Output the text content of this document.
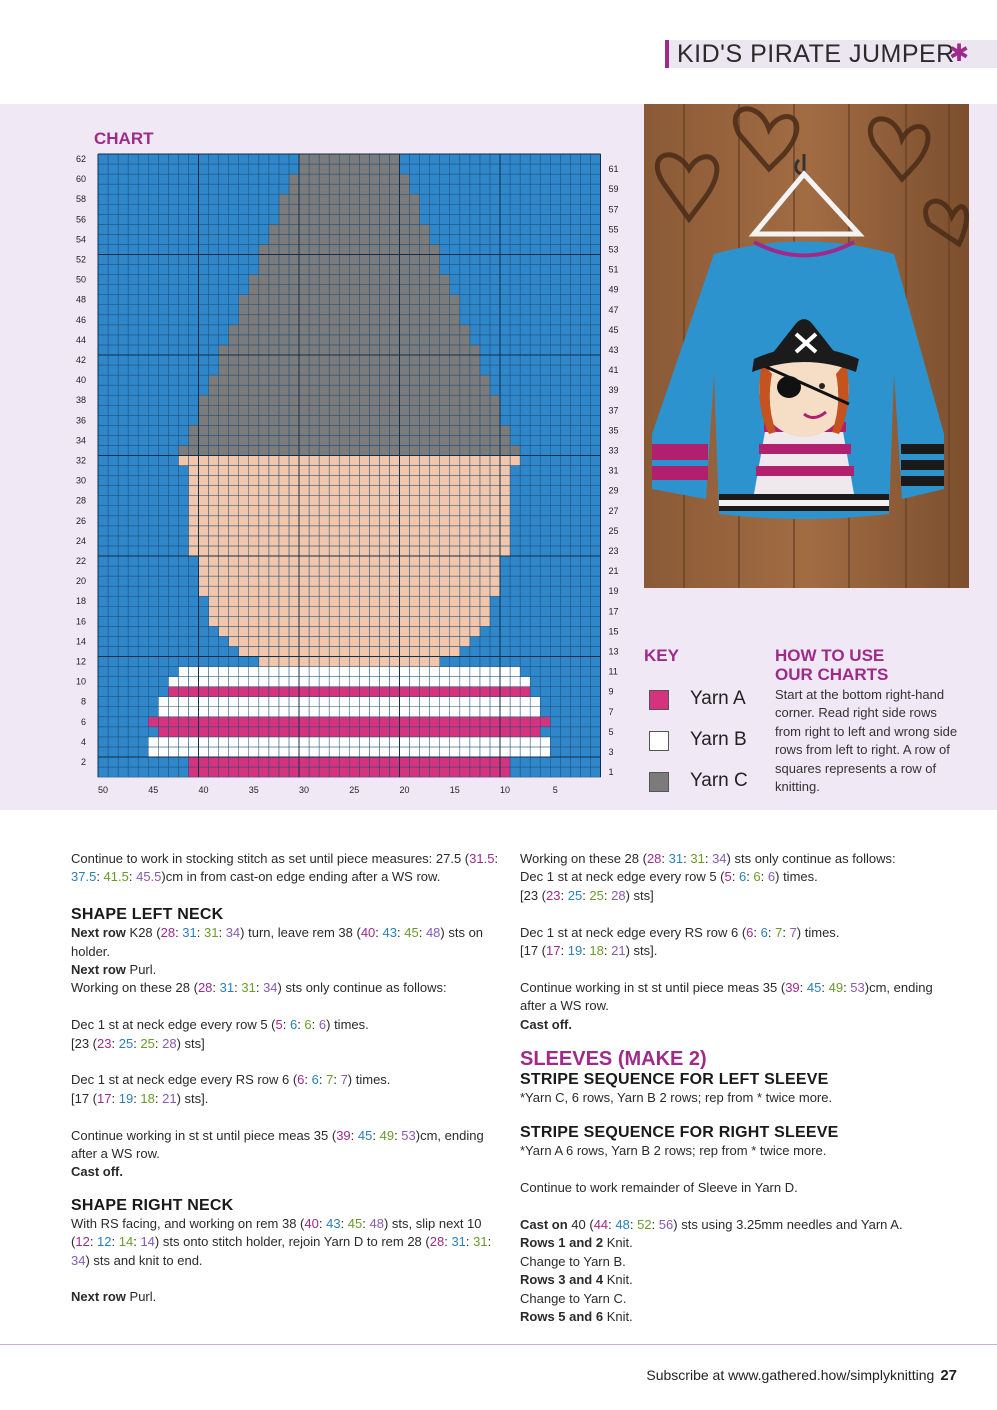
KID'S PIRATE JUMPER
✱
CHART
62
60
58
56
54
52
50
48
46
44
42
40
38
36
34
32
30
28
26
24
22
20
18
16
14
12
10
8
6
4
2
61
59
57
55
53
51
49
47
45
43
41
39
37
35
33
31
29
27
25
23
21
19
17
15
13
11
9
7
5
3
1
50	45	40	35	30	25	20	15	10	5
KEY
Yarn A
Yarn B
Yarn C
HOW TO USE
OUR CHARTS
Start at the bottom right-hand corner. Read right side rows from right to left and wrong side rows from left to right. A row of squares represents a row of knitting.

Continue to work in stocking stitch as set until piece measures: 27.5 (31.5: 37.5: 41.5: 45.5)cm in from cast-on edge ending after a WS row.

SHAPE LEFT NECK

Next row K28 (28: 31: 31: 34) turn, leave rem 38 (40: 43: 45: 48) sts on holder.

Next row Purl.

Working on these 28 (28: 31: 31: 34) sts only continue as follows:

Dec 1 st at neck edge every row 5 (5: 6: 6: 6) times.

[23 (23: 25: 25: 28) sts]

Dec 1 st at neck edge every RS row 6 (6: 6: 7: 7) times.

[17 (17: 19: 18: 21) sts].

Continue working in st st until piece meas 35 (39: 45: 49: 53)cm, ending after a WS row.

Cast off.

SHAPE RIGHT NECK

With RS facing, and working on rem 38 (40: 43: 45: 48) sts, slip next 10 (12: 12: 14: 14) sts onto stitch holder, rejoin Yarn D to rem 28 (28: 31: 31: 34) sts and knit to end.

Next row Purl.

Working on these 28 (28: 31: 31: 34) sts only continue as follows:

Dec 1 st at neck edge every row 5 (5: 6: 6: 6) times.

[23 (23: 25: 25: 28) sts]

Dec 1 st at neck edge every RS row 6 (6: 6: 7: 7) times.

[17 (17: 19: 18: 21) sts].

Continue working in st st until piece meas 35 (39: 45: 49: 53)cm, ending after a WS row.

Cast off.

SLEEVES (MAKE 2)
STRIPE SEQUENCE FOR LEFT SLEEVE

*Yarn C, 6 rows, Yarn B 2 rows; rep from * twice more.

STRIPE SEQUENCE FOR RIGHT SLEEVE

*Yarn A 6 rows, Yarn B 2 rows; rep from * twice more.

Continue to work remainder of Sleeve in Yarn D.

Cast on 40 (44: 48: 52: 56) sts using 3.25mm needles and Yarn A.

Rows 1 and 2 Knit.

Change to Yarn B.

Rows 3 and 4 Knit.

Change to Yarn C.

Rows 5 and 6 Knit.

Subscribe at www.gathered.how/simplyknitting 27
